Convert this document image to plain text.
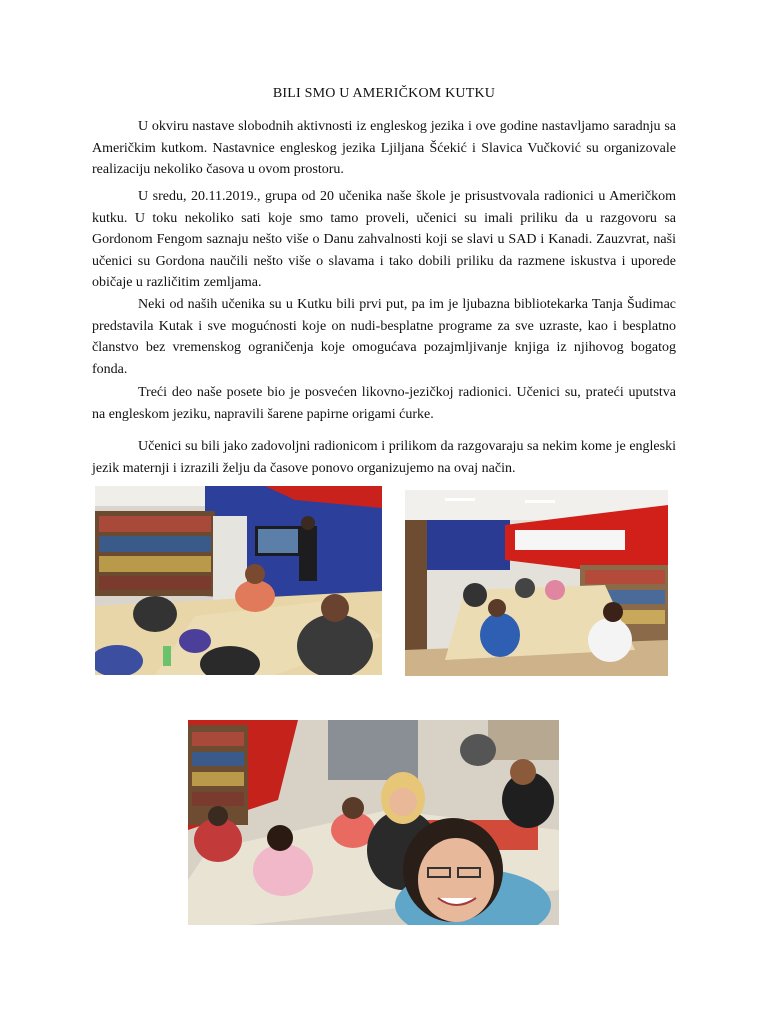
BILI SMO U AMERIČKOM KUTKU

U okviru nastave slobodnih aktivnosti iz engleskog jezika i ove godine nastavljamo saradnju sa Američkim kutkom. Nastavnice engleskog jezika Ljiljana Šćekić i Slavica Vučković su organizovale realizaciju nekoliko časova u ovom prostoru.

U sredu, 20.11.2019., grupa od 20 učenika naše škole je prisustvovala radionici u Američkom kutku. U toku nekoliko sati koje smo tamo proveli, učenici su imali priliku da u razgovoru sa Gordonom Fengom saznaju nešto više o Danu zahvalnosti koji se slavi u SAD i Kanadi. Zauzvrat, naši učenici su Gordona naučili nešto više o slavama i tako dobili priliku da razmene iskustva i uporede običaje u različitim zemljama.

Neki od naših učenika su u Kutku bili prvi put, pa im je ljubazna bibliotekarka Tanja Šudimac predstavila Kutak i sve mogućnosti koje on nudi-besplatne programe za sve uzraste, kao i besplatno članstvo bez vremenskog ograničenja koje omogućava pozajmljivanje knjiga iz njihovog bogatog fonda.

Treći deo naše posete bio je posvećen likovno-jezičkoj radionici. Učenici su, prateći uputstva na engleskom jeziku, napravili šarene papirne origami ćurke.

Učenici su bili jako zadovoljni radionicom i prilikom da razgovaraju sa nekim kome je engleski jezik maternji i izrazili želju da časove ponovo organizujemo na ovaj način.
